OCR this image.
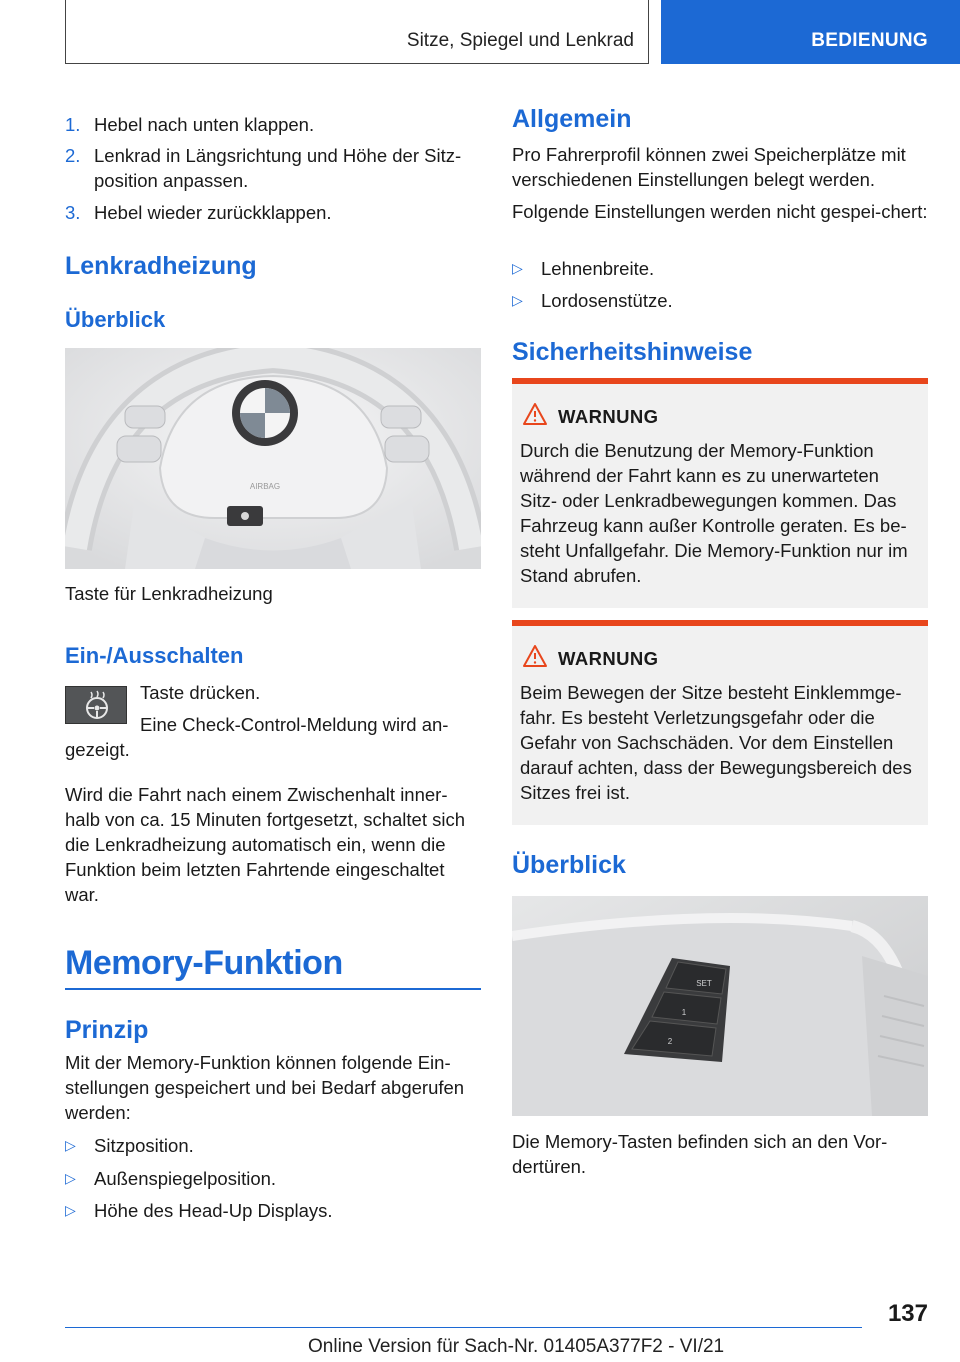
Sitze, Spiegel und Lenkrad	BEDIENUNG
1. Hebel nach unten klappen.
2. Lenkrad in Längsrichtung und Höhe der Sitz-position anpassen.
3. Hebel wieder zurückklappen.
Lenkradheizung
Überblick
AIRBAG
Taste für Lenkradheizung
Ein-/Ausschalten
Taste drücken.
Eine Check-Control-Meldung wird an-
gezeigt.
Wird die Fahrt nach einem Zwischenhalt inner-halb von ca. 15 Minuten fortgesetzt, schaltet sich die Lenkradheizung automatisch ein, wenn die Funktion beim letzten Fahrtende eingeschaltet war.
Memory-Funktion
Prinzip
Mit der Memory-Funktion können folgende Ein-stellungen gespeichert und bei Bedarf abgerufen werden:
▷ Sitzposition.
▷ Außenspiegelposition.
▷ Höhe des Head-Up Displays.
Allgemein
Pro Fahrerprofil können zwei Speicherplätze mit verschiedenen Einstellungen belegt werden.
Folgende Einstellungen werden nicht gespei-chert:
▷ Lehnenbreite.
▷ Lordosenstütze.
Sicherheitshinweise
WARNUNG
Durch die Benutzung der Memory-Funktion während der Fahrt kann es zu unerwarteten Sitz- oder Lenkradbewegungen kommen. Das Fahrzeug kann außer Kontrolle geraten. Es be-steht Unfallgefahr. Die Memory-Funktion nur im Stand abrufen.
WARNUNG
Beim Bewegen der Sitze besteht Einklemmge-fahr. Es besteht Verletzungsgefahr oder die Gefahr von Sachschäden. Vor dem Einstellen darauf achten, dass der Bewegungsbereich des Sitzes frei ist.
Überblick
SET
1
2
Die Memory-Tasten befinden sich an den Vor-dertüren.
137
Online Version für Sach-Nr. 01405A377F2 - VI/21
